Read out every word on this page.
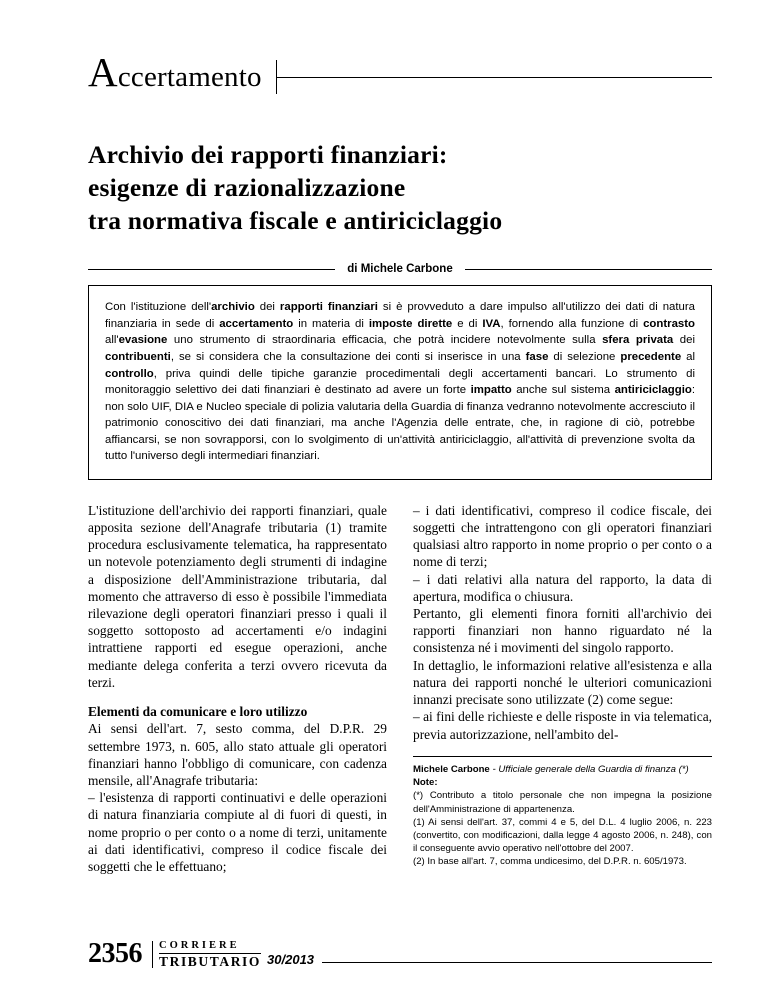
Accertamento
Archivio dei rapporti finanziari:
esigenze di razionalizzazione
tra normativa fiscale e antiriciclaggio
di Michele Carbone
Con l'istituzione dell'archivio dei rapporti finanziari si è provveduto a dare impulso all'utilizzo dei dati di natura finanziaria in sede di accertamento in materia di imposte dirette e di IVA, fornendo alla funzione di contrasto all'evasione uno strumento di straordinaria efficacia, che potrà incidere notevolmente sulla sfera privata dei contribuenti, se si considera che la consultazione dei conti si inserisce in una fase di selezione precedente al controllo, priva quindi delle tipiche garanzie procedimentali degli accertamenti bancari. Lo strumento di monitoraggio selettivo dei dati finanziari è destinato ad avere un forte impatto anche sul sistema antiriciclaggio: non solo UIF, DIA e Nucleo speciale di polizia valutaria della Guardia di finanza vedranno notevolmente accresciuto il patrimonio conoscitivo dei dati finanziari, ma anche l'Agenzia delle entrate, che, in ragione di ciò, potrebbe affiancarsi, se non sovrapporsi, con lo svolgimento di un'attività antiriciclaggio, all'attività di prevenzione svolta da tutto l'universo degli intermediari finanziari.

L'istituzione dell'archivio dei rapporti finanziari, quale apposita sezione dell'Anagrafe tributaria (1) tramite procedura esclusivamente telematica, ha rappresentato un notevole potenziamento degli strumenti di indagine a disposizione dell'Amministrazione tributaria, dal momento che attraverso di esso è possibile l'immediata rilevazione degli operatori finanziari presso i quali il soggetto sottoposto ad accertamenti e/o indagini intrattiene rapporti ed esegue operazioni, anche mediante delega conferita a terzi ovvero ricevuta da terzi.

Elementi da comunicare e loro utilizzo

Ai sensi dell'art. 7, sesto comma, del D.P.R. 29 settembre 1973, n. 605, allo stato attuale gli operatori finanziari hanno l'obbligo di comunicare, con cadenza mensile, all'Anagrafe tributaria:

– l'esistenza di rapporti continuativi e delle operazioni di natura finanziaria compiute al di fuori di questi, in nome proprio o per conto o a nome di terzi, unitamente ai dati identificativi, compreso il codice fiscale dei soggetti che le effettuano;

– i dati identificativi, compreso il codice fiscale, dei soggetti che intrattengono con gli operatori finanziari qualsiasi altro rapporto in nome proprio o per conto o a nome di terzi;

– i dati relativi alla natura del rapporto, la data di apertura, modifica o chiusura.

Pertanto, gli elementi finora forniti all'archivio dei rapporti finanziari non hanno riguardato né la consistenza né i movimenti del singolo rapporto.

In dettaglio, le informazioni relative all'esistenza e alla natura dei rapporti nonché le ulteriori comunicazioni innanzi precisate sono utilizzate (2) come segue:

– ai fini delle richieste e delle risposte in via telematica, previa autorizzazione, nell'ambito del-

Michele Carbone - Ufficiale generale della Guardia di finanza (*)

Note:

(*) Contributo a titolo personale che non impegna la posizione dell'Amministrazione di appartenenza.

(1) Ai sensi dell'art. 37, commi 4 e 5, del D.L. 4 luglio 2006, n. 223 (convertito, con modificazioni, dalla legge 4 agosto 2006, n. 248), con il conseguente avvio operativo nell'ottobre del 2007.

(2) In base all'art. 7, comma undicesimo, del D.P.R. n. 605/1973.

2356 CORRIERE
TRIBUTARIO 30/2013
